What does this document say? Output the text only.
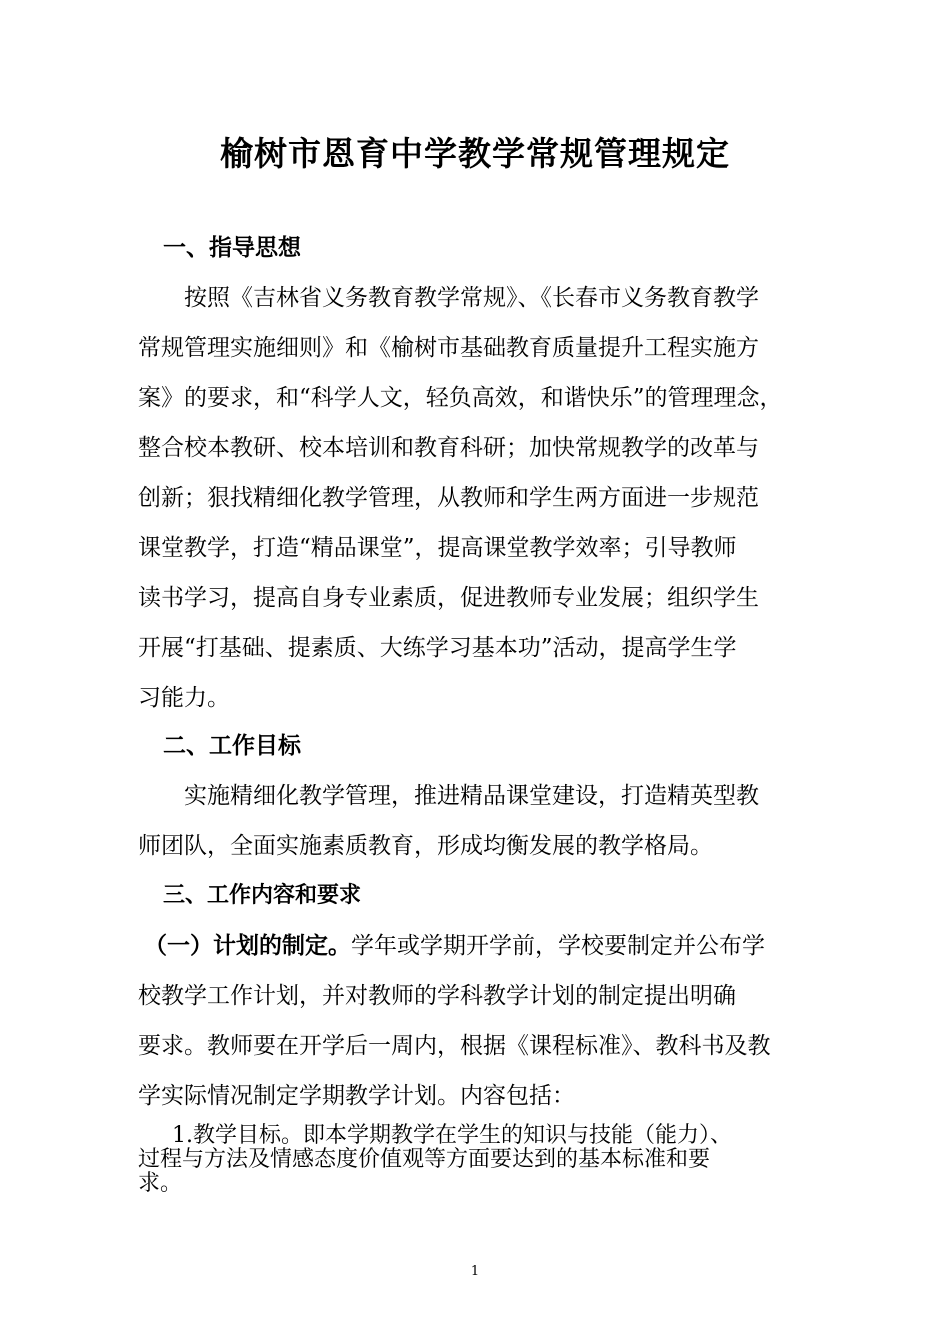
榆树市恩育中学教学常规管理规定
一、指导思想
按照《吉林省义务教育教学常规》、《长春市义务教育教学
常规管理实施细则》和《榆树市基础教育质量提升工程实施方
案》的要求，和“科学人文，轻负高效，和谐快乐”的管理理念，
整合校本教研、校本培训和教育科研；加快常规教学的改革与
创新；狠找精细化教学管理，从教师和学生两方面进一步规范
课堂教学，打造“精品课堂”，提高课堂教学效率；引导教师
读书学习，提高自身专业素质，促进教师专业发展；组织学生
开展“打基础、提素质、大练学习基本功”活动，提高学生学
习能力。
二、工作目标
实施精细化教学管理，推进精品课堂建设，打造精英型教
师团队，全面实施素质教育，形成均衡发展的教学格局。
三、工作内容和要求
（一）计划的制定。学年或学期开学前，学校要制定并公布学
校教学工作计划，并对教师的学科教学计划的制定提出明确
要求。教师要在开学后一周内，根据《课程标准》、教科书及教
学实际情况制定学期教学计划。内容包括：
1.教学目标。即本学期教学在学生的知识与技能（能力）、
过程与方法及情感态度价值观等方面要达到的基本标准和要
求。
1
